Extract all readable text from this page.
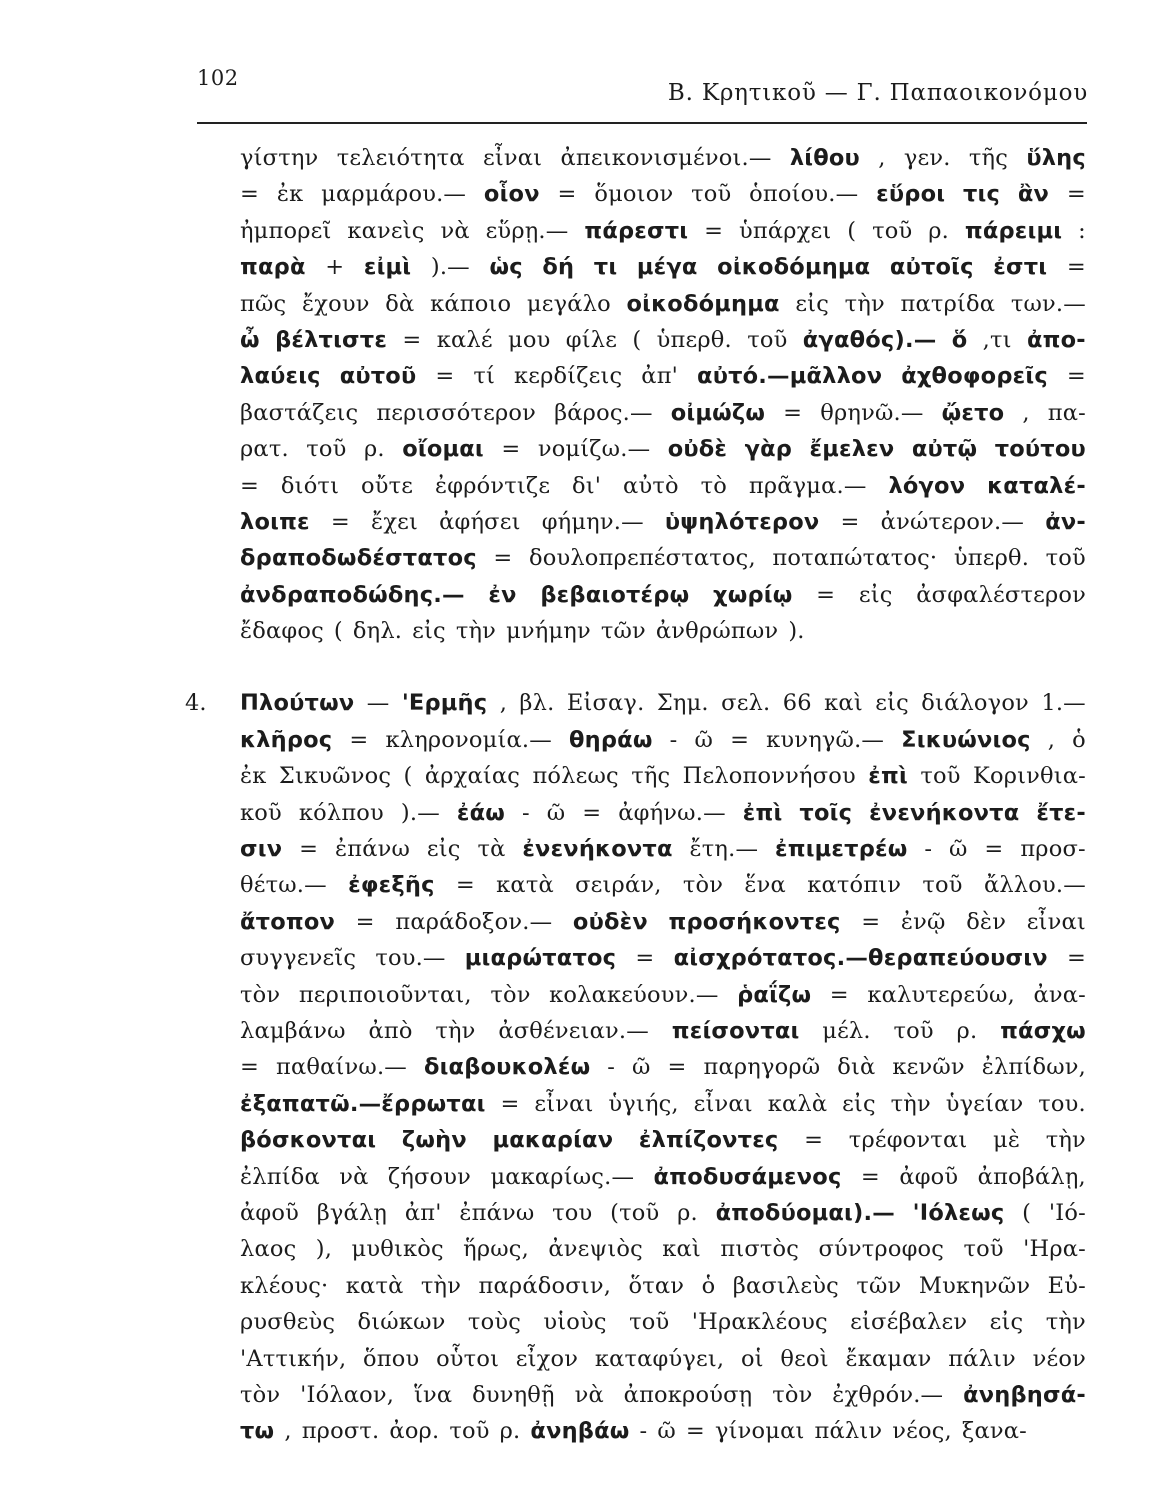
102
Β. Κρητικοῦ — Γ. Παπαοικονόμου
γίστην τελειότητα εἶναι ἀπεικονισμένοι.— λίθου , γεν. τῆς ὕλης
= ἐκ μαρμάρου.— οἷον = ὅμοιον τοῦ ὁποίου.— εὕροι τις ἂν =
ἠμπορεῖ κανεὶς νὰ εὕρῃ.— πάρεστι = ὑπάρχει ( τοῦ ρ. πάρειμι :
παρὰ + εἰμὶ ).— ὡς δή τι μέγα οἰκοδόμημα αὐτοῖς ἐστι =
πῶς ἔχουν δὰ κάποιο μεγάλο οἰκοδόμημα εἰς τὴν πατρίδα των.—
ὦ βέλτιστε = καλέ μου φίλε ( ὑπερθ. τοῦ ἀγαθός).— ὅ ,τι ἀπο-
λαύεις αὐτοῦ = τί κερδίζεις ἀπ' αὐτό.—μᾶλλον ἀχθοφορεῖς =
βαστάζεις περισσότερον βάρος.— οἰμώζω = θρηνῶ.— ᾤετο , πα-
ρατ. τοῦ ρ. οἴομαι = νομίζω.— οὐδὲ γὰρ ἔμελεν αὐτῷ τούτου
= διότι οὔτε ἐφρόντιζε δι' αὐτὸ τὸ πρᾶγμα.— λόγον καταλέ-
λοιπε = ἔχει ἀφήσει φήμην.— ὑψηλότερον = ἀνώτερον.— ἀν-
δραποδωδέστατος = δουλοπρεπέστατος, ποταπώτατος· ὑπερθ. τοῦ
ἀνδραποδώδης.— ἐν βεβαιοτέρῳ χωρίῳ = εἰς ἀσφαλέστερον
ἔδαφος ( δηλ. εἰς τὴν μνήμην τῶν ἀνθρώπων ).
4. Πλούτων — 'Ερμῆς , βλ. Εἰσαγ. Σημ. σελ. 66 καὶ εἰς διάλογον 1.—
κλῆρος = κληρονομία.— θηράω - ῶ = κυνηγῶ.— Σικυώνιος , ὁ
ἐκ Σικυῶνος ( ἀρχαίας πόλεως τῆς Πελοποννήσου ἐπὶ τοῦ Κορινθια-
κοῦ κόλπου ).— ἐάω - ῶ = ἀφήνω.— ἐπὶ τοῖς ἐνενήκοντα ἔτε-
σιν = ἐπάνω εἰς τὰ ἐνενήκοντα ἔτη.— ἐπιμετρέω - ῶ = προσ-
θέτω.— ἐφεξῆς = κατὰ σειράν, τὸν ἕνα κατόπιν τοῦ ἄλλου.—
ἄτοπον = παράδοξον.— οὐδὲν προσήκοντες = ἐνῷ δὲν εἶναι
συγγενεῖς του.— μιαρώτατος = αἰσχρότατος.—θεραπεύουσιν =
τὸν περιποιοῦνται, τὸν κολακεύουν.— ῥαΐζω = καλυτερεύω, ἀνα-
λαμβάνω ἀπὸ τὴν ἀσθένειαν.— πείσονται μέλ. τοῦ ρ. πάσχω
= παθαίνω.— διαβουκολέω - ῶ = παρηγορῶ διὰ κενῶν ἐλπίδων,
ἐξαπατῶ.—ἔρρωται = εἶναι ὑγιής, εἶναι καλὰ εἰς τὴν ὑγείαν του.
βόσκονται ζωὴν μακαρίαν ἐλπίζοντες = τρέφονται μὲ τὴν
ἐλπίδα νὰ ζήσουν μακαρίως.— ἀποδυσάμενος = ἀφοῦ ἀποβάλῃ,
ἀφοῦ βγάλῃ ἀπ' ἐπάνω του (τοῦ ρ. ἀποδύομαι).— 'Ιόλεως ( 'Ιό-
λαος ), μυθικὸς ἥρως, ἀνεψιὸς καὶ πιστὸς σύντροφος τοῦ 'Ηρα-
κλέους· κατὰ τὴν παράδοσιν, ὅταν ὁ βασιλεὺς τῶν Μυκηνῶν Εὐ-
ρυσθεὺς διώκων τοὺς υἱοὺς τοῦ 'Ηρακλέους εἰσέβαλεν εἰς τὴν
'Αττικήν, ὅπου οὗτοι εἶχον καταφύγει, οἱ θεοὶ ἔκαμαν πάλιν νέον
τὸν 'Ιόλαον, ἵνα δυνηθῇ νὰ ἀποκρούσῃ τὸν ἐχθρόν.— ἀνηβησά-
τω , προστ. ἀορ. τοῦ ρ. ἀνηβάω - ῶ = γίνομαι πάλιν νέος, ξανα-
